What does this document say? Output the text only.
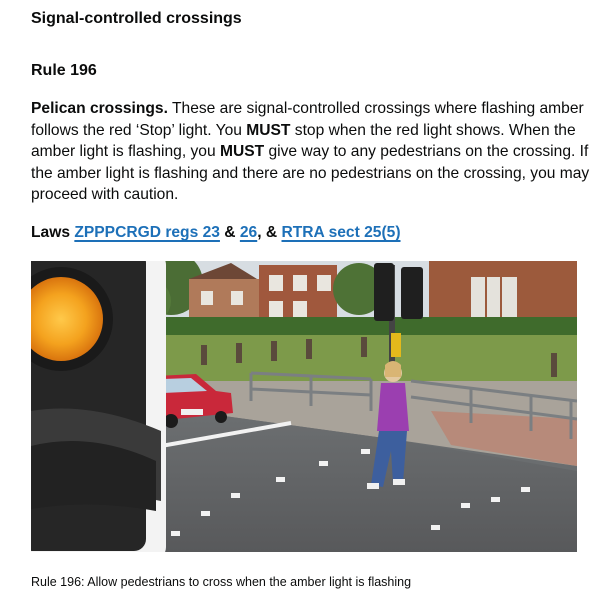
Signal-controlled crossings
Rule 196

Pelican crossings. These are signal-controlled crossings where flashing amber follows the red ‘Stop’ light. You MUST stop when the red light shows. When the amber light is flashing, you MUST give way to any pedestrians on the crossing. If the amber light is flashing and there are no pedestrians on the crossing, you may proceed with caution.

Laws ZPPPCRGD regs 23 & 26, & RTRA sect 25(5)

Rule 196: Allow pedestrians to cross when the amber light is flashing
